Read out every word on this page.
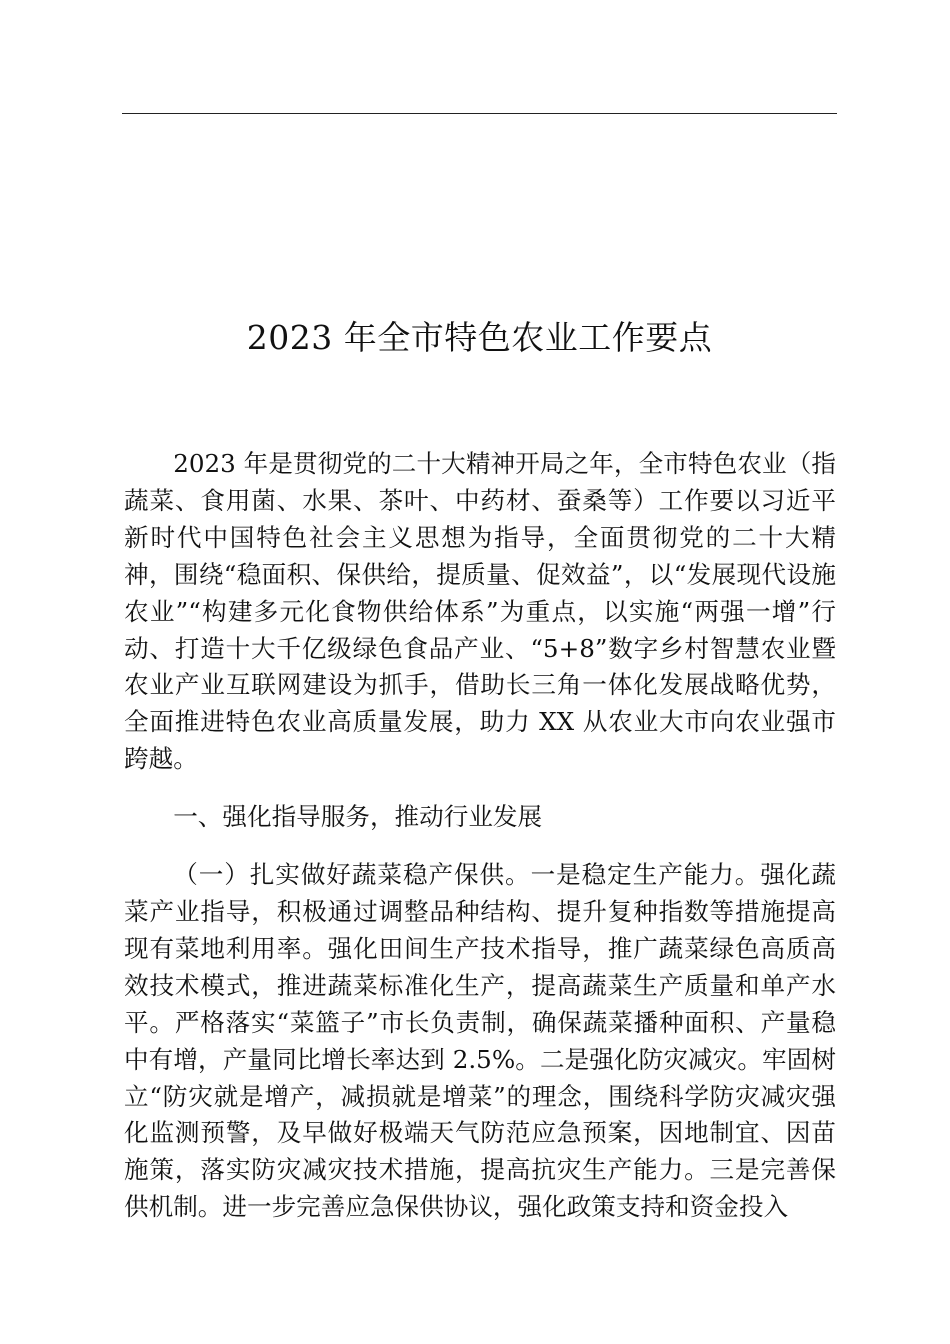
2023 年全市特色农业工作要点

2023 年是贯彻党的二十大精神开局之年，全市特色农业（指蔬菜、食用菌、水果、茶叶、中药材、蚕桑等）工作要以习近平新时代中国特色社会主义思想为指导，全面贯彻党的二十大精神，围绕“稳面积、保供给，提质量、促效益”，以“发展现代设施农业”“构建多元化食物供给体系”为重点，以实施“两强一增”行动、打造十大千亿级绿色食品产业、“5+8”数字乡村智慧农业暨农业产业互联网建设为抓手，借助长三角一体化发展战略优势，全面推进特色农业高质量发展，助力 XX 从农业大市向农业强市跨越。

一、强化指导服务，推动行业发展

（一）扎实做好蔬菜稳产保供。一是稳定生产能力。强化蔬菜产业指导，积极通过调整品种结构、提升复种指数等措施提高现有菜地利用率。强化田间生产技术指导，推广蔬菜绿色高质高效技术模式，推进蔬菜标准化生产，提高蔬菜生产质量和单产水平。严格落实“菜篮子”市长负责制，确保蔬菜播种面积、产量稳中有增，产量同比增长率达到 2.5%。二是强化防灾减灾。牢固树立“防灾就是增产，减损就是增菜”的理念，围绕科学防灾减灾强化监测预警，及早做好极端天气防范应急预案，因地制宜、因苗施策，落实防灾减灾技术措施，提高抗灾生产能力。三是完善保供机制。进一步完善应急保供协议，强化政策支持和资金投入
